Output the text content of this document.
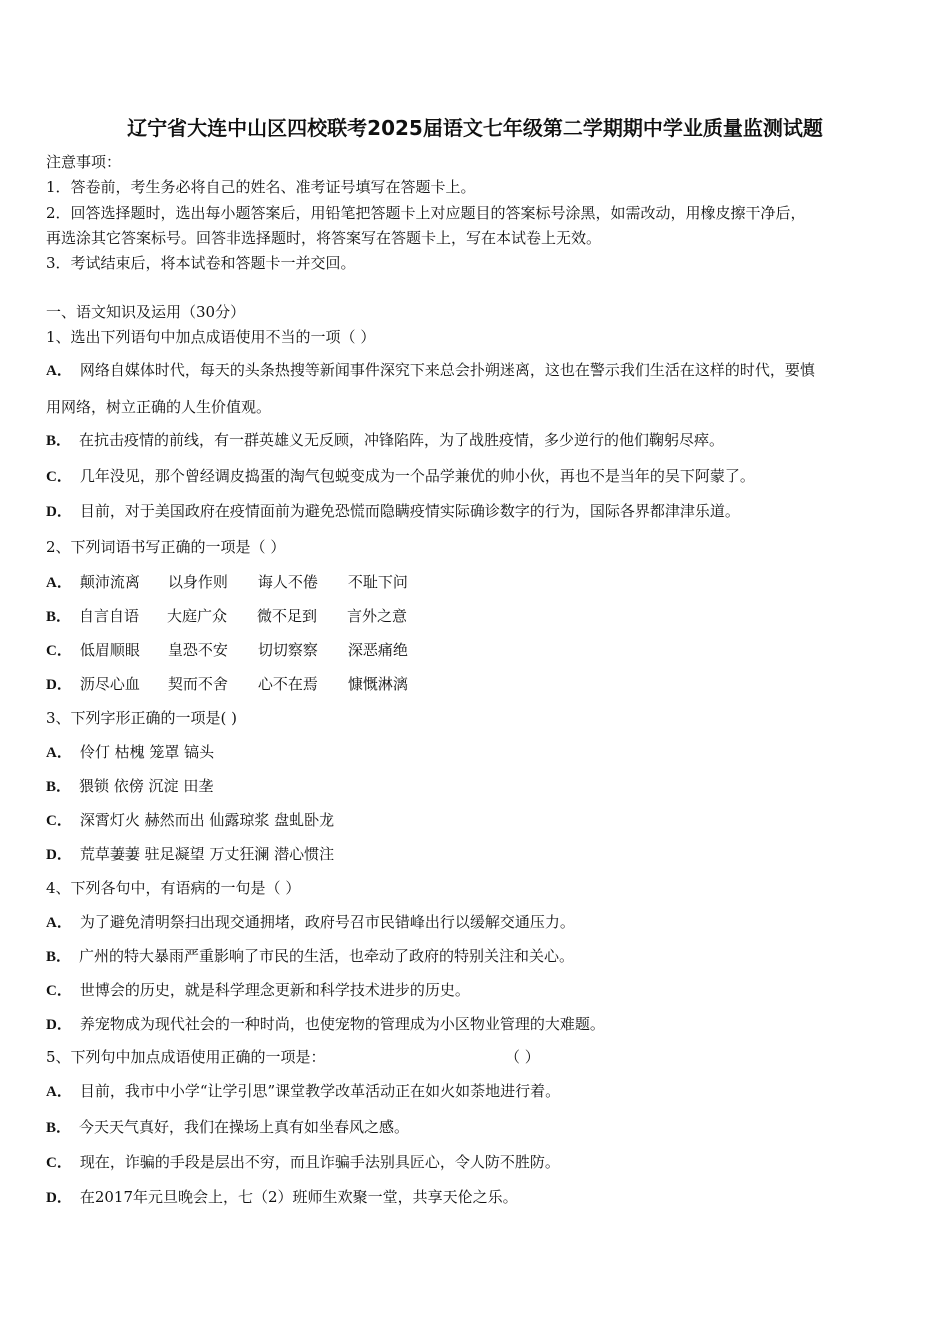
辽宁省大连中山区四校联考2025届语文七年级第二学期期中学业质量监测试题
注意事项：
1．答卷前，考生务必将自己的姓名、准考证号填写在答题卡上。
2．回答选择题时，选出每小题答案后，用铅笔把答题卡上对应题目的答案标号涂黑，如需改动，用橡皮擦干净后，
再选涂其它答案标号。回答非选择题时，将答案写在答题卡上，写在本试卷上无效。
3．考试结束后，将本试卷和答题卡一并交回。
一、语文知识及运用（30分）
1、选出下列语句中加点成语使用不当的一项（ ）
A． 网络自媒体时代，每天的头条热搜等新闻事件深究下来总会扑朔迷离，这也在警示我们生活在这样的时代，要慎
用网络，树立正确的人生价值观。
B． 在抗击疫情的前线，有一群英雄义无反顾，冲锋陷阵，为了战胜疫情，多少逆行的他们鞠躬尽瘁。
C． 几年没见，那个曾经调皮捣蛋的淘气包蜕变成为一个品学兼优的帅小伙，再也不是当年的吴下阿蒙了。
D． 目前，对于美国政府在疫情面前为避免恐慌而隐瞒疫情实际确诊数字的行为，国际各界都津津乐道。
2、下列词语书写正确的一项是（ ）
A． 颠沛流离 以身作则 诲人不倦 不耻下问
B． 自言自语 大庭广众 微不足到 言外之意
C． 低眉顺眼 皇恐不安 切切察察 深恶痛绝
D． 沥尽心血 契而不舍 心不在焉 慷慨淋漓
3、下列字形正确的一项是( )
A． 伶仃 枯槐 笼罩 镐头
B． 猥锁 依傍 沉淀 田垄
C． 深霄灯火 赫然而出 仙露琼浆 盘虬卧龙
D． 荒草萋萋 驻足凝望 万丈狂澜 潜心惯注
4、下列各句中，有语病的一句是（ ）
A． 为了避免清明祭扫出现交通拥堵，政府号召市民错峰出行以缓解交通压力。
B． 广州的特大暴雨严重影响了市民的生活，也牵动了政府的特别关注和关心。
C． 世博会的历史，就是科学理念更新和科学技术进步的历史。
D． 养宠物成为现代社会的一种时尚，也使宠物的管理成为小区物业管理的大难题。
5、下列句中加点成语使用正确的一项是：	（ ）
A． 目前，我市中小学“让学引思”课堂教学改革活动正在如火如荼地进行着。
B． 今天天气真好，我们在操场上真有如坐春风之感。
C． 现在，诈骗的手段是层出不穷，而且诈骗手法别具匠心，令人防不胜防。
D． 在2017年元旦晚会上，七（2）班师生欢聚一堂，共享天伦之乐。
